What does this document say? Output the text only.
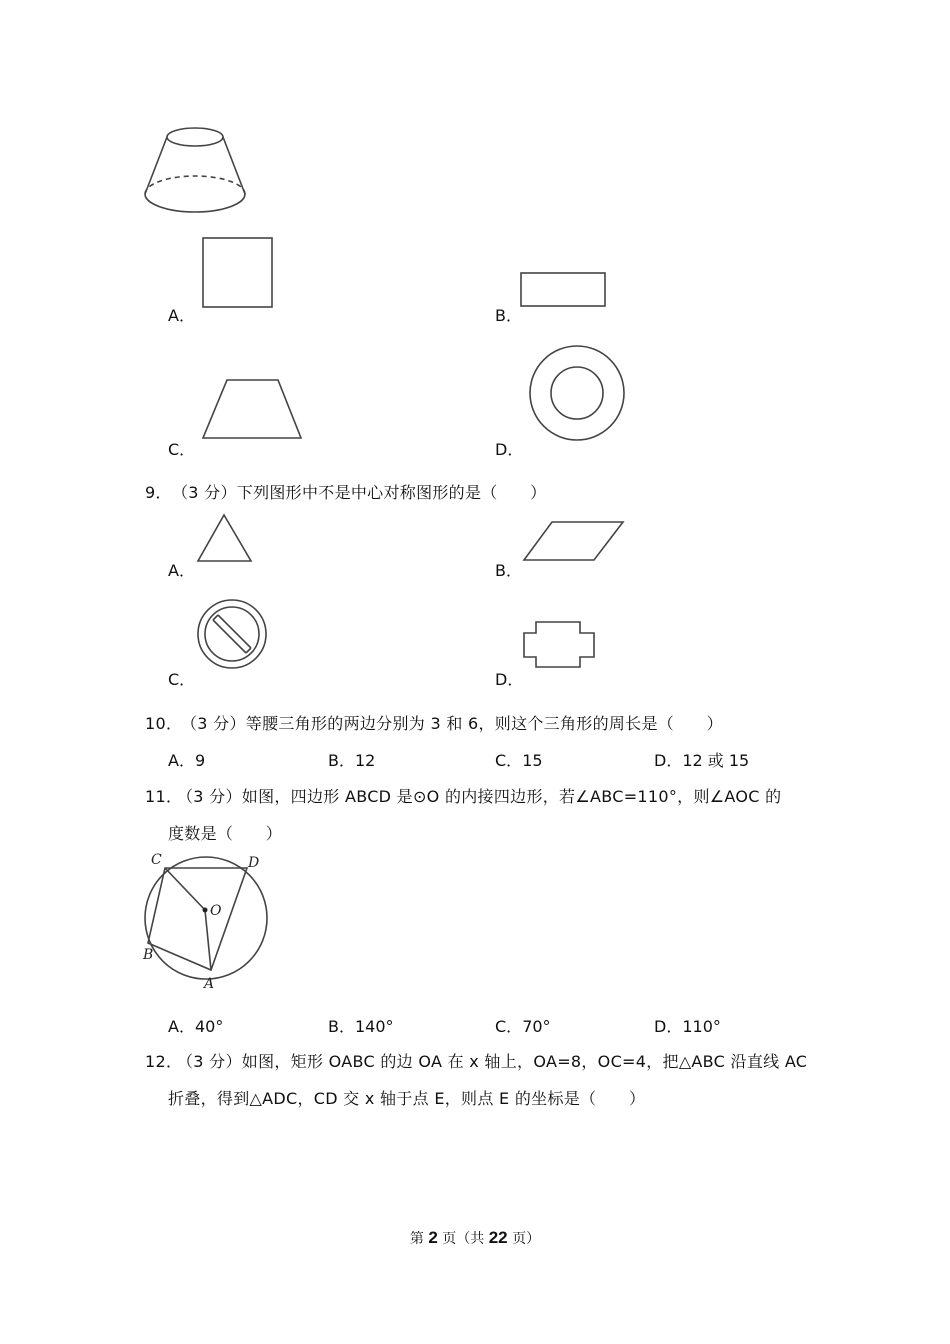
A．	B．
C．	D．
9． （3 分）下列图形中不是中心对称图形的是（　　）
A．	B．
C．	D．
10．
（3 分）等腰三角形的两边分别为 3 和 6，则这个三角形的周长是（　　）
A．9	B．12	C．15	D．12 或 15
11．
（3 分）如图，四边形 ABCD 是⊙O 的内接四边形，若∠ABC=110°，则∠AOC 的
度数是（　　）
C	D
O
B
A
A．40°	B．140°	C．70°	D．110°
12．
（3 分）如图，矩形 OABC 的边 OA 在 x 轴上，OA=8，OC=4，把△ABC 沿直线 AC
折叠，得到△ADC，CD 交 x 轴于点 E，则点 E 的坐标是（　　）
第 2 页（共 22 页）
